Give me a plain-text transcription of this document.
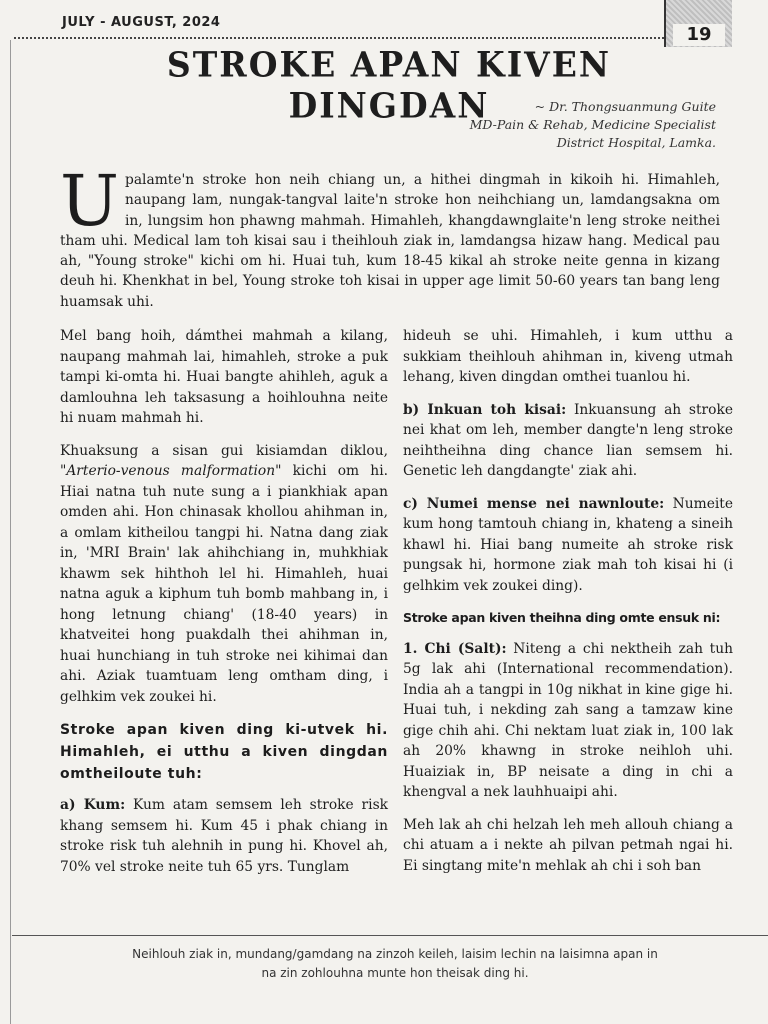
JULY - AUGUST, 2024
19
STROKE APAN KIVEN DINGDAN	~ Dr. Thongsuanmung Guite
MD-Pain & Rehab, Medicine Specialist
District Hospital, Lamka.
U palamte'n stroke hon neih chiang un, a hithei dingmah in kikoih hi. Himahleh, naupang lam, nungak-tangval laite'n stroke hon neihchiang un, lamdangsakna om in, lungsim hon phawng mahmah. Himahleh, khangdawnglaite'n leng stroke neithei tham uhi. Medical lam toh kisai sau i theihlouh ziak in, lamdangsa hizaw hang. Medical pau ah, "Young stroke" kichi om hi. Huai tuh, kum 18-45 kikal ah stroke neite genna in kizang deuh hi. Khenkhat in bel, Young stroke toh kisai in upper age limit 50-60 years tan bang leng huamsak uhi.

Mel bang hoih, dámthei mahmah a kilang, naupang mahmah lai, himahleh, stroke a puk tampi ki-omta hi. Huai bangte ahihleh, aguk a damlouhna leh taksasung a hoihlouhna neite hi nuam mahmah hi.

Khuaksung a sisan gui kisiamdan diklou, "Arterio-venous malformation" kichi om hi. Hiai natna tuh nute sung a i piankhiak apan omden ahi. Hon chinasak khollou ahihman in, a omlam kitheilou tangpi hi. Natna dang ziak in, 'MRI Brain' lak ahihchiang in, muhkhiak khawm sek hihthoh lel hi. Himahleh, huai natna aguk a kiphum tuh bomb mahbang in, i hong letnung chiang' (18-40 years) in khatveitei hong puakdalh thei ahihman in, huai hunchiang in tuh stroke nei kihimai dan ahi. Aziak tuamtuam leng omtham ding, i gelhkim vek zoukei hi.

Stroke apan kiven ding ki-utvek hi. Himahleh, ei utthu a kiven dingdan omtheiloute tuh:

a) Kum: Kum atam semsem leh stroke risk khang semsem hi. Kum 45 i phak chiang in stroke risk tuh alehnih in pung hi. Khovel ah, 70% vel stroke neite tuh 65 yrs. Tunglam

hideuh se uhi. Himahleh, i kum utthu a sukkiam theihlouh ahihman in, kiveng utmah lehang, kiven dingdan omthei tuanlou hi.

b) Inkuan toh kisai: Inkuansung ah stroke nei khat om leh, member dangte'n leng stroke neihtheihna ding chance lian semsem hi. Genetic leh dangdangte' ziak ahi.

c) Numei mense nei nawnloute: Numeite kum hong tamtouh chiang in, khateng a sineih khawl hi. Hiai bang numeite ah stroke risk pungsak hi, hormone ziak mah toh kisai hi (i gelhkim vek zoukei ding).

Stroke apan kiven theihna ding omte ensuk ni:

1. Chi (Salt): Niteng a chi nektheih zah tuh 5g lak ahi (International recommendation). India ah a tangpi in 10g nikhat in kine gige hi. Huai tuh, i nekding zah sang a tamzaw kine gige chih ahi. Chi nektam luat ziak in, 100 lak ah 20% khawng in stroke neihloh uhi. Huaiziak in, BP neisate a ding in chi a khengval a nek lauhhuaipi ahi.

Meh lak ah chi helzah leh meh allouh chiang a chi atuam a i nekte ah pilvan petmah ngai hi. Ei singtang mite'n mehlak ah chi i soh ban

Neihlouh ziak in, mundang/gamdang na zinzoh keileh, laisim lechin na laisimna apan in
na zin zohlouhna munte hon theisak ding hi.
